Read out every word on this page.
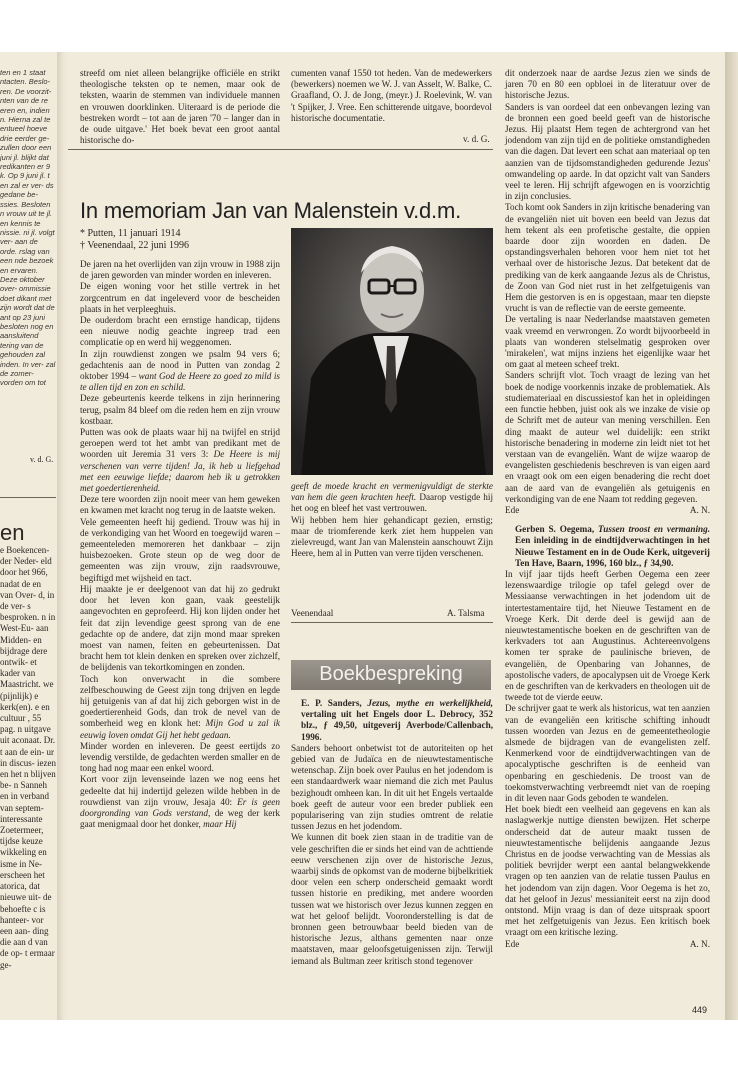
ten en 1 staat ntacten. Beslo- ren. De voorzit- nten van de re eren en, indien n. Hierna zal te entueel hoeve drie eerder ge- zullen door een juni jl. blijkt dat redikanten er 9 k. Op 9 juni jl. t en zal er ver- ds gedane be- ssies. Besloten n vrouw uit te jl. en kennis te nissie. ni jl. volgt ver- aan de orde. rslag van een nde bezoek en ervaren. Deze oktober over- ommissie doet dikant met zijn wordt dat de ant op 23 juni besloten nog en aansluitend tering van de gehouden zal inden. In ver- zal de zomer- vorden om tot
v. d. G.
en
e Boekencen- der Neder- eld door het 966, nadat de en van Over- d, in de ver- s besproken. n in West-Eu- aan Midden- en bijdrage dere ontwik- et kader van Maastricht. we (pijnlijk) e kerk(en). e en cultuur , 55 pag. n uitgave uit aconaat. Dr. t aan de ein- ur in discus- iezen en het n blijven be- n Sanneh en in verband van septem- interessante Zoetermeer, tijdse keuze wikkeling en isme in Ne- erscheen het atorica, dat nieuwe uit- de behoefte c is hanteer- vor een aan- ding die aan d van de op- t ermaar ge-
streefd om niet alleen belangrijke officiële en strikt theologische teksten op te nemen, maar ook de teksten, waarin de stemmen van individuele mannen en vrouwen doorklinken. Uiteraard is de periode die bestreken wordt – tot aan de jaren '70 – langer dan in de oude uitgave.' Het boek bevat een groot aantal historische do-
cumenten vanaf 1550 tot heden. Van de medewerkers (bewerkers) noemen we W. J. van Asselt, W. Balke, C. Graafland, O. J. de Jong, (meyr.) J. Roelevink, W. van 't Spijker, J. Vree. Een schitterende uitgave, boordevol historische documentatie.
v. d. G.
In memoriam Jan van Malenstein v.d.m.
* Putten, 11 januari 1914
† Veenendaal, 22 juni 1996

De jaren na het overlijden van zijn vrouw in 1988 zijn de jaren geworden van minder worden en inleveren.

De eigen woning voor het stille vertrek in het zorgcentrum en dat ingeleverd voor de bescheiden plaats in het verpleeghuis.

De ouderdom bracht een ernstige handicap, tijdens een nieuwe nodig geachte ingreep trad een complicatie op en werd hij weggenomen.

In zijn rouwdienst zongen we psalm 94 vers 6; gedachtenis aan de nood in Putten van zondag 2 oktober 1994 – want God de Heere zo goed zo mild is te allen tijd en zon en schild.

Deze gebeurtenis keerde telkens in zijn herinnering terug, psalm 84 bleef om die reden hem en zijn vrouw kostbaar.

Putten was ook de plaats waar hij na twijfel en strijd geroepen werd tot het ambt van predikant met de woorden uit Jeremia 31 vers 3: De Heere is mij verschenen van verre tijden! Ja, ik heb u liefgehad met een eeuwige liefde; daarom heb ik u getrokken met goedertierenheid.

Deze tere woorden zijn nooit meer van hem geweken en kwamen met kracht nog terug in de laatste weken.

Vele gemeenten heeft hij gediend. Trouw was hij in de verkondiging van het Woord en toegewijd waren – gemeenteleden memoreren het dankbaar – zijn huisbezoeken. Grote steun op de weg door de gemeenten was zijn vrouw, zijn raadsvrouwe, begiftigd met wijsheid en tact.

Hij maakte je er deelgenoot van dat hij zo gedrukt door het leven kon gaan, vaak geestelijk aangevochten en geprofeerd. Hij kon lijden onder het feit dat zijn levendige geest sprong van de ene gedachte op de andere, dat zijn mond maar spreken moest van namen, feiten en gebeurtenissen. Dat bracht hem tot klein denken en spreken over zichzelf, de belijdenis van tekortkomingen en zonden.

Toch kon onverwacht in die sombere zelfbeschouwing de Geest zijn tong drijven en legde hij getuigenis van af dat hij zich geborgen wist in de goedertierenheid Gods, dan trok de nevel van de somberheid weg en klonk het: Mijn God u zal ik eeuwig loven omdat Gij het hebt gedaan.

Minder worden en inleveren. De geest eertijds zo levendig verstilde, de gedachten werden smaller en de tong had nog maar een enkel woord.

Kort voor zijn levenseinde lazen we nog eens het gedeelte dat hij indertijd gelezen wilde hebben in de rouwdienst van zijn vrouw, Jesaja 40: Er is geen doorgronding van Gods verstand, de weg der kerk gaat menigmaal door het donker, maar Hij

geeft de moede kracht en vermenigvuldigt de sterkte van hem die geen krachten heeft. Daarop vestigde hij het oog en bleef het vast vertrouwen.

Wij hebben hem hier gehandicapt gezien, ernstig; maar de triomferende kerk ziet hem huppelen van zielevreugd, want Jan van Malenstein aanschouwt Zijn Heere, hem al in Putten van verre tijden verschenen.

Veenendaal	A. Talsma
Boekbespreking

E. P. Sanders, Jezus, mythe en werkelijkheid, vertaling uit het Engels door L. Debrocy, 352 blz., ƒ 49,50, uitgeverij Averbode/Callenbach, 1996.

Sanders behoort onbetwist tot de autoriteiten op het gebied van de Judaïca en de nieuwtestamentische wetenschap. Zijn boek over Paulus en het jodendom is een standaardwerk waar niemand die zich met Paulus bezighoudt omheen kan. In dit uit het Engels vertaalde boek geeft de auteur voor een breder publiek een popularisering van zijn studies omtrent de relatie tussen Jezus en het jodendom.

We kunnen dit boek zien staan in de traditie van de vele geschriften die er sinds het eind van de achttiende eeuw verschenen zijn over de historische Jezus, waarbij sinds de opkomst van de moderne bijbelkritiek door velen een scherp onderscheid gemaakt wordt tussen historie en prediking, met andere woorden tussen wat we historisch over Jezus kunnen zeggen en wat het geloof belijdt. Vooronderstelling is dat de bronnen geen betrouwbaar beeld bieden van de historische Jezus, althans gementen naar onze maatstaven, maar geloofsgetuigenissen zijn. Terwijl iemand als Bultman zeer kritisch stond tegenover

dit onderzoek naar de aardse Jezus zien we sinds de jaren 70 en 80 een opbloei in de literatuur over de historische Jezus.

Sanders is van oordeel dat een onbevangen lezing van de bronnen een goed beeld geeft van de historische Jezus. Hij plaatst Hem tegen de achtergrond van het jodendom van zijn tijd en de politieke omstandigheden van die dagen. Dat levert een schat aan materiaal op ten aanzien van de tijdsomstandigheden gedurende Jezus' omwandeling op aarde. In dat opzicht valt van Sanders veel te leren. Hij schrijft afgewogen en is voorzichtig in zijn conclusies.

Toch komt ook Sanders in zijn kritische benadering van de evangeliën niet uit boven een beeld van Jezus dat hem tekent als een profetische gestalte, die oppien baarde door zijn woorden en daden. De opstandingsverhalen behoren voor hem niet tot het verhaal over de historische Jezus. Dat betekent dat de prediking van de kerk aangaande Jezus als de Christus, de Zoon van God niet rust in het zelfgetuigenis van Hem die gestorven is en is opgestaan, maar ten diepste vrucht is van de reflectie van de eerste gemeente.

De vertaling is naar Nederlandse maatstaven gemeten vaak vreemd en verwrongen. Zo wordt bijvoorbeeld in plaats van wonderen stelselmatig gesproken over 'mirakelen', wat mijns inziens het eigenlijke waar het om gaat al meteen scheef trekt.

Sanders schrijft vlot. Toch vraagt de lezing van het boek de nodige voorkennis inzake de problematiek. Als studiemateriaal en discussiestof kan het in opleidingen een functie hebben, juist ook als we inzake de visie op de Schrift met de auteur van mening verschillen. Een ding maakt de auteur wel duidelijk: een strikt historische benadering in moderne zin leidt niet tot het verstaan van de evangeliën. Want de wijze waarop de evangelisten geschiedenis beschreven is van eigen aard en vraagt ook om een eigen benadering die recht doet aan de aard van de evangeliën als getuigenis en verkondiging van de ene Naam tot redding gegeven.

Ede	A. N.

Gerben S. Oegema, Tussen troost en vermaning. Een inleiding in de eindtijdverwachtingen in het Nieuwe Testament en in de Oude Kerk, uitgeverij Ten Have, Baarn, 1996, 160 blz., ƒ 34,90.

In vijf jaar tijds heeft Gerben Oegema een zeer lezenswaardige trilogie op tafel gelegd over de Messiaanse verwachtingen in het jodendom uit de intertestamentaire tijd, het Nieuwe Testament en de Vroege Kerk. Dit derde deel is gewijd aan de nieuwtestamentische boeken en de geschriften van de kerkvaders tot aan Augustinus. Achtereenvolgens komen ter sprake de paulinische brieven, de evangeliën, de Openbaring van Johannes, de apostolische vaders, de apocalypsen uit de Vroege Kerk en de geschriften van de kerkvaders en theologen uit de tweede tot de vierde eeuw.

De schrijver gaat te werk als historicus, wat ten aanzien van de evangeliën een kritische schifting inhoudt tussen woorden van Jezus en de gemeentetheologie alsmede de bijdragen van de evangelisten zelf. Kenmerkend voor de eindtijdverwachtingen van de apocalyptische geschriften is de eenheid van openbaring en geschiedenis. De troost van de toekomstverwachting verbreemdt niet van de roeping in dit leven naar Gods geboden te wandelen.

Het boek biedt een veelheid aan gegevens en kan als naslagwerkje nuttige diensten bewijzen. Het scherpe onderscheid dat de auteur maakt tussen de nieuwtestamentische belijdenis aangaande Jezus Christus en de joodse verwachting van de Messias als politiek bevrijder werpt een aantal belangwekkende vragen op ten aanzien van de relatie tussen Paulus en het jodendom van zijn dagen. Voor Oegema is het zo, dat het geloof in Jezus' messianiteit eerst na zijn dood ontstond. Mijn vraag is dan of deze uitspraak spoort met het zelfgetuigenis van Jezus. Een kritisch boek vraagt om een kritische lezing.

Ede	A. N.

449
